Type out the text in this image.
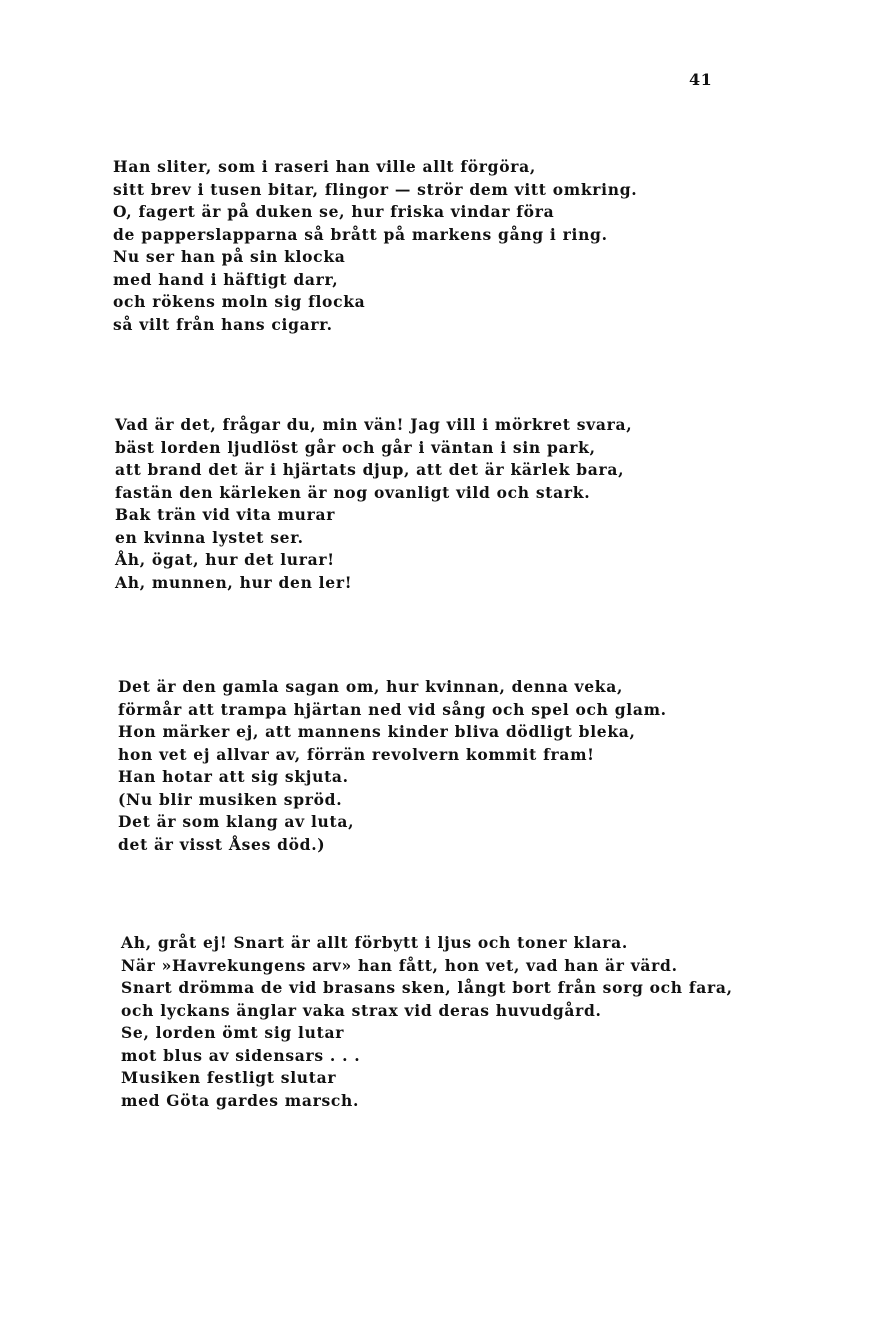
41
Han sliter, som i raseri han ville allt förgöra,
sitt brev i tusen bitar, flingor — strör dem vitt omkring.
O, fagert är på duken se, hur friska vindar föra
de papperslapparna så brått på markens gång i ring.
Nu ser han på sin klocka
med hand i häftigt darr,
och rökens moln sig flocka
så vilt från hans cigarr.
Vad är det, frågar du, min vän! Jag vill i mörkret svara,
bäst lorden ljudlöst går och går i väntan i sin park,
att brand det är i hjärtats djup, att det är kärlek bara,
fastän den kärleken är nog ovanligt vild och stark.
Bak trän vid vita murar
en kvinna lystet ser.
Åh, ögat, hur det lurar!
Ah, munnen, hur den ler!
Det är den gamla sagan om, hur kvinnan, denna veka,
förmår att trampa hjärtan ned vid sång och spel och glam.
Hon märker ej, att mannens kinder bliva dödligt bleka,
hon vet ej allvar av, förrän revolvern kommit fram!
Han hotar att sig skjuta.
(Nu blir musiken spröd.
Det är som klang av luta,
det är visst Åses död.)
Ah, gråt ej! Snart är allt förbytt i ljus och toner klara.
När »Havrekungens arv» han fått, hon vet, vad han är värd.
Snart drömma de vid brasans sken, långt bort från sorg och fara,
och lyckans änglar vaka strax vid deras huvudgård.
Se, lorden ömt sig lutar
mot blus av sidensars . . .
Musiken festligt slutar
med Göta gardes marsch.
